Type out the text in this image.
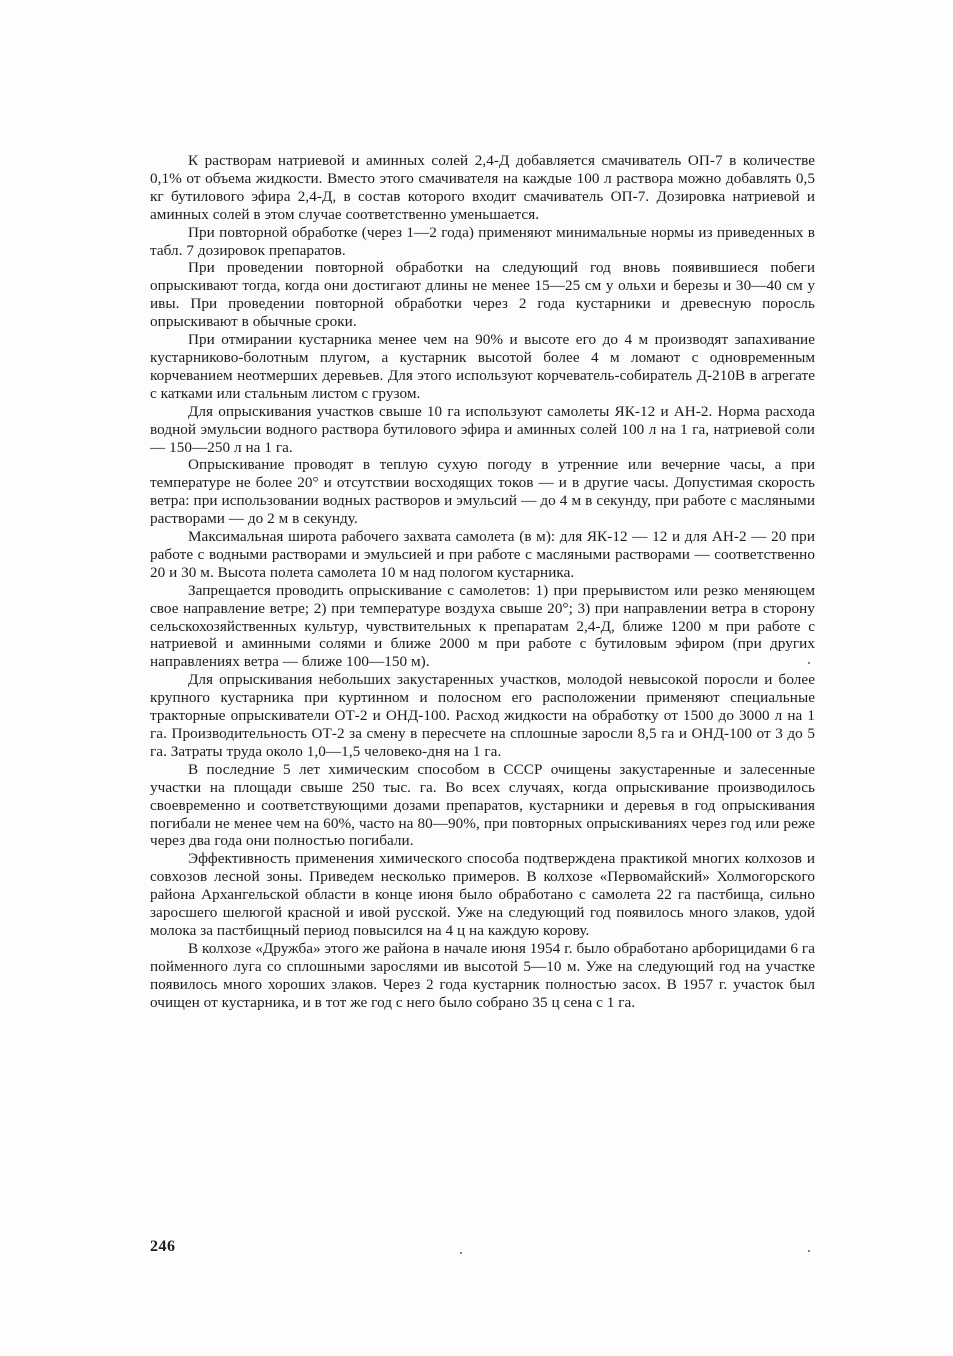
К растворам натриевой и аминных солей 2,4-Д добавляется смачиватель ОП-7 в количестве 0,1% от объема жидкости. Вместо этого смачивателя на каждые 100 л раствора можно добавлять 0,5 кг бутилового эфира 2,4-Д, в состав которого входит смачиватель ОП-7. Дозировка натриевой и аминных солей в этом случае соответственно уменьшается.

При повторной обработке (через 1—2 года) применяют минимальные нормы из приведенных в табл. 7 дозировок препаратов.

При проведении повторной обработки на следующий год вновь появившиеся побеги опрыскивают тогда, когда они достигают длины не менее 15—25 см у ольхи и березы и 30—40 см у ивы. При проведении повторной обработки через 2 года кустарники и древесную поросль опрыскивают в обычные сроки.

При отмирании кустарника менее чем на 90% и высоте его до 4 м производят запахивание кустарниково-болотным плугом, а кустарник высотой более 4 м ломают с одновременным корчеванием неотмерших деревьев. Для этого используют корчеватель-собиратель Д-210В в агрегате с катками или стальным листом с грузом.

Для опрыскивания участков свыше 10 га используют самолеты ЯК-12 и АН-2. Норма расхода водной эмульсии водного раствора бутилового эфира и аминных солей 100 л на 1 га, натриевой соли — 150—250 л на 1 га.

Опрыскивание проводят в теплую сухую погоду в утренние или вечерние часы, а при температуре не более 20° и отсутствии восходящих токов — и в другие часы. Допустимая скорость ветра: при использовании водных растворов и эмульсий — до 4 м в секунду, при работе с масляными растворами — до 2 м в секунду.

Максимальная широта рабочего захвата самолета (в м): для ЯК-12 — 12 и для АН-2 — 20 при работе с водными растворами и эмульсией и при работе с масляными растворами — соответственно 20 и 30 м. Высота полета самолета 10 м над пологом кустарника.

Запрещается проводить опрыскивание с самолетов: 1) при прерывистом или резко меняющем свое направление ветре; 2) при температуре воздуха свыше 20°; 3) при направлении ветра в сторону сельскохозяйственных культур, чувствительных к препаратам 2,4-Д, ближе 1200 м при работе с натриевой и аминными солями и ближе 2000 м при работе с бутиловым эфиром (при других направлениях ветра — ближе 100—150 м).

Для опрыскивания небольших закустаренных участков, молодой невысокой поросли и более крупного кустарника при куртинном и полосном его расположении применяют специальные тракторные опрыскиватели ОТ-2 и ОНД-100. Расход жидкости на обработку от 1500 до 3000 л на 1 га. Производительность ОТ-2 за смену в пересчете на сплошные заросли 8,5 га и ОНД-100 от 3 до 5 га. Затраты труда около 1,0—1,5 человеко-дня на 1 га.

В последние 5 лет химическим способом в СССР очищены закустаренные и залесенные участки на площади свыше 250 тыс. га. Во всех случаях, когда опрыскивание производилось своевременно и соответствующими дозами препаратов, кустарники и деревья в год опрыскивания погибали не менее чем на 60%, часто на 80—90%, при повторных опрыскиваниях через год или реже через два года они полностью погибали.

Эффективность применения химического способа подтверждена практикой многих колхозов и совхозов лесной зоны. Приведем несколько примеров. В колхозе «Первомайский» Холмогорского района Архангельской области в конце июня было обработано с самолета 22 га пастбища, сильно заросшего шелюгой красной и ивой русской. Уже на следующий год появилось много злаков, удой молока за пастбищный период повысился на 4 ц на каждую корову.

В колхозе «Дружба» этого же района в начале июня 1954 г. было обработано арборицидами 6 га пойменного луга со сплошными зарослями ив высотой 5—10 м. Уже на следующий год на участке появилось много хороших злаков. Через 2 года кустарник полностью засох. В 1957 г. участок был очищен от кустарника, и в тот же год с него было собрано 35 ц сена с 1 га.

246
